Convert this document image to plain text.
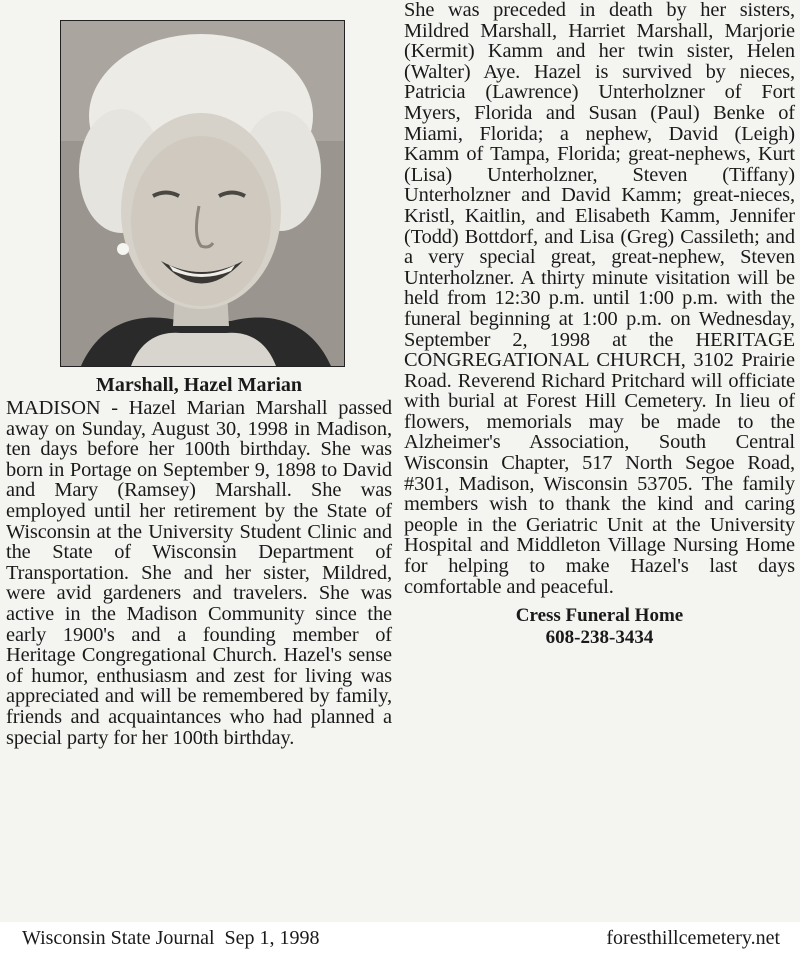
Marshall, Hazel Marian

MADISON - Hazel Marian Marshall passed away on Sunday, August 30, 1998 in Madison, ten days before her 100th birthday. She was born in Portage on September 9, 1898 to David and Mary (Ramsey) Marshall. She was employed until her retirement by the State of Wisconsin at the University Student Clinic and the State of Wisconsin Department of Transportation. She and her sister, Mildred, were avid gardeners and travelers. She was active in the Madison Community since the early 1900's and a founding member of Heritage Congregational Church. Hazel's sense of humor, enthusiasm and zest for living was appreciated and will be remembered by family, friends and acquaintances who had planned a special party for her 100th birthday.

She was preceded in death by her sisters, Mildred Marshall, Harriet Marshall, Marjorie (Kermit) Kamm and her twin sister, Helen (Walter) Aye. Hazel is survived by nieces, Patricia (Lawrence) Unterholzner of Fort Myers, Florida and Susan (Paul) Benke of Miami, Florida; a nephew, David (Leigh) Kamm of Tampa, Florida; great-nephews, Kurt (Lisa) Unterholzner, Steven (Tiffany) Unterholzner and David Kamm; great-nieces, Kristl, Kaitlin, and Elisabeth Kamm, Jennifer (Todd) Bottdorf, and Lisa (Greg) Cassileth; and a very special great, great-nephew, Steven Unterholzner. A thirty minute visitation will be held from 12:30 p.m. until 1:00 p.m. with the funeral beginning at 1:00 p.m. on Wednesday, September 2, 1998 at the HERITAGE CONGREGATIONAL CHURCH, 3102 Prairie Road. Reverend Richard Pritchard will officiate with burial at Forest Hill Cemetery. In lieu of flowers, memorials may be made to the Alzheimer's Association, South Central Wisconsin Chapter, 517 North Segoe Road, #301, Madison, Wisconsin 53705. The family members wish to thank the kind and caring people in the Geriatric Unit at the University Hospital and Middleton Village Nursing Home for helping to make Hazel's last days comfortable and peaceful.

Cress Funeral Home

608-238-3434

Wisconsin State Journal  Sep 1, 1998	foresthillcemetery.net
